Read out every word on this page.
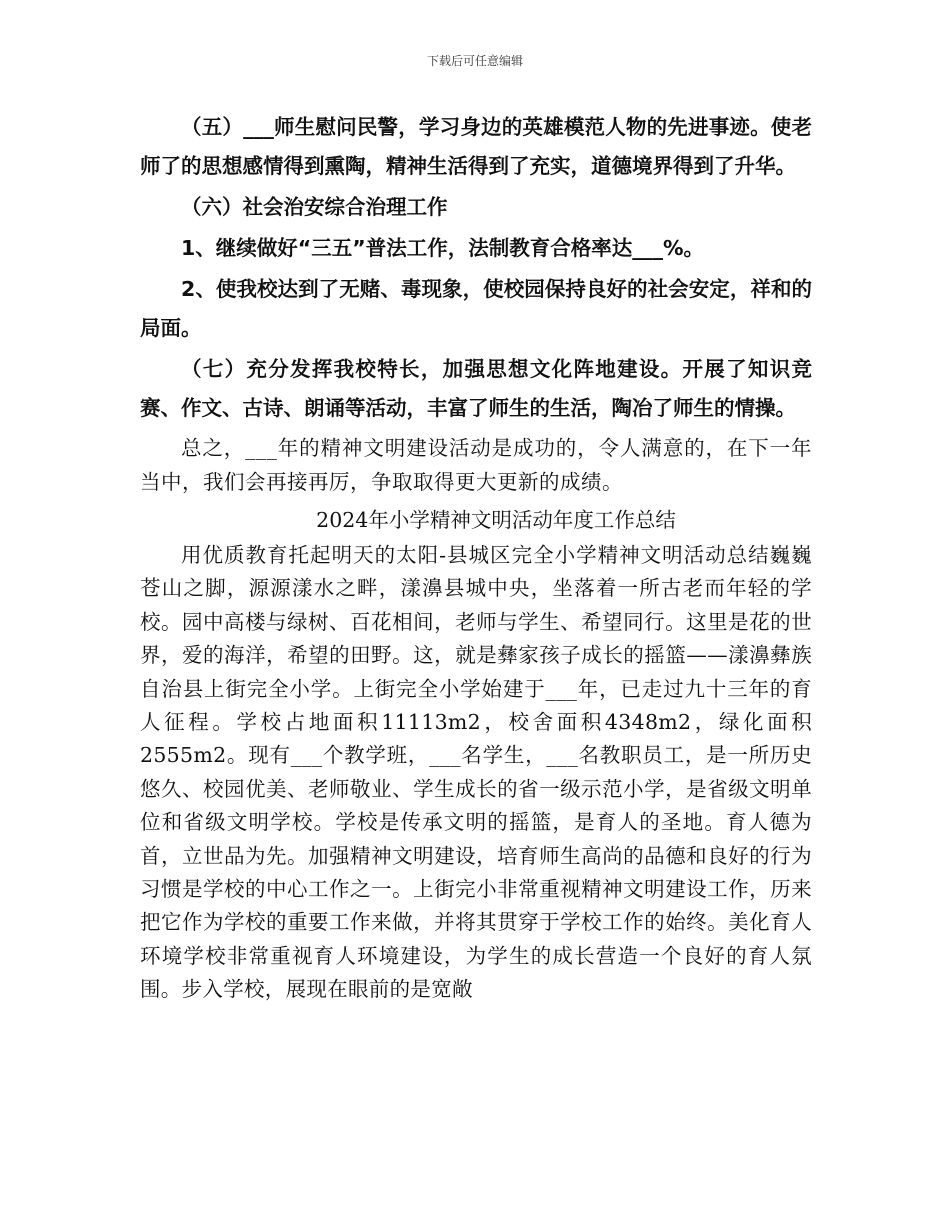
下载后可任意编辑

（五）___师生慰问民警，学习身边的英雄模范人物的先进事迹。使老师了的思想感情得到熏陶，精神生活得到了充实，道德境界得到了升华。

（六）社会治安综合治理工作

1、继续做好“三五”普法工作，法制教育合格率达___%。

2、使我校达到了无赌、毒现象，使校园保持良好的社会安定，祥和的局面。

（七）充分发挥我校特长，加强思想文化阵地建设。开展了知识竞赛、作文、古诗、朗诵等活动，丰富了师生的生活，陶冶了师生的情操。

总之，___年的精神文明建设活动是成功的，令人满意的，在下一年当中，我们会再接再厉，争取取得更大更新的成绩。

2024年小学精神文明活动年度工作总结

用优质教育托起明天的太阳-县城区完全小学精神文明活动总结巍巍苍山之脚，源源漾水之畔，漾濞县城中央，坐落着一所古老而年轻的学校。园中高楼与绿树、百花相间，老师与学生、希望同行。这里是花的世界，爱的海洋，希望的田野。这，就是彝家孩子成长的摇篮——漾濞彝族自治县上街完全小学。上街完全小学始建于___年，已走过九十三年的育人征程。学校占地面积11113m2，校舍面积4348m2，绿化面积2555m2。现有___个教学班，___名学生，___名教职员工，是一所历史悠久、校园优美、老师敬业、学生成长的省一级示范小学，是省级文明单位和省级文明学校。学校是传承文明的摇篮，是育人的圣地。育人德为首，立世品为先。加强精神文明建设，培育师生高尚的品德和良好的行为习惯是学校的中心工作之一。上街完小非常重视精神文明建设工作，历来把它作为学校的重要工作来做，并将其贯穿于学校工作的始终。美化育人环境学校非常重视育人环境建设，为学生的成长营造一个良好的育人氛围。步入学校，展现在眼前的是宽敞
